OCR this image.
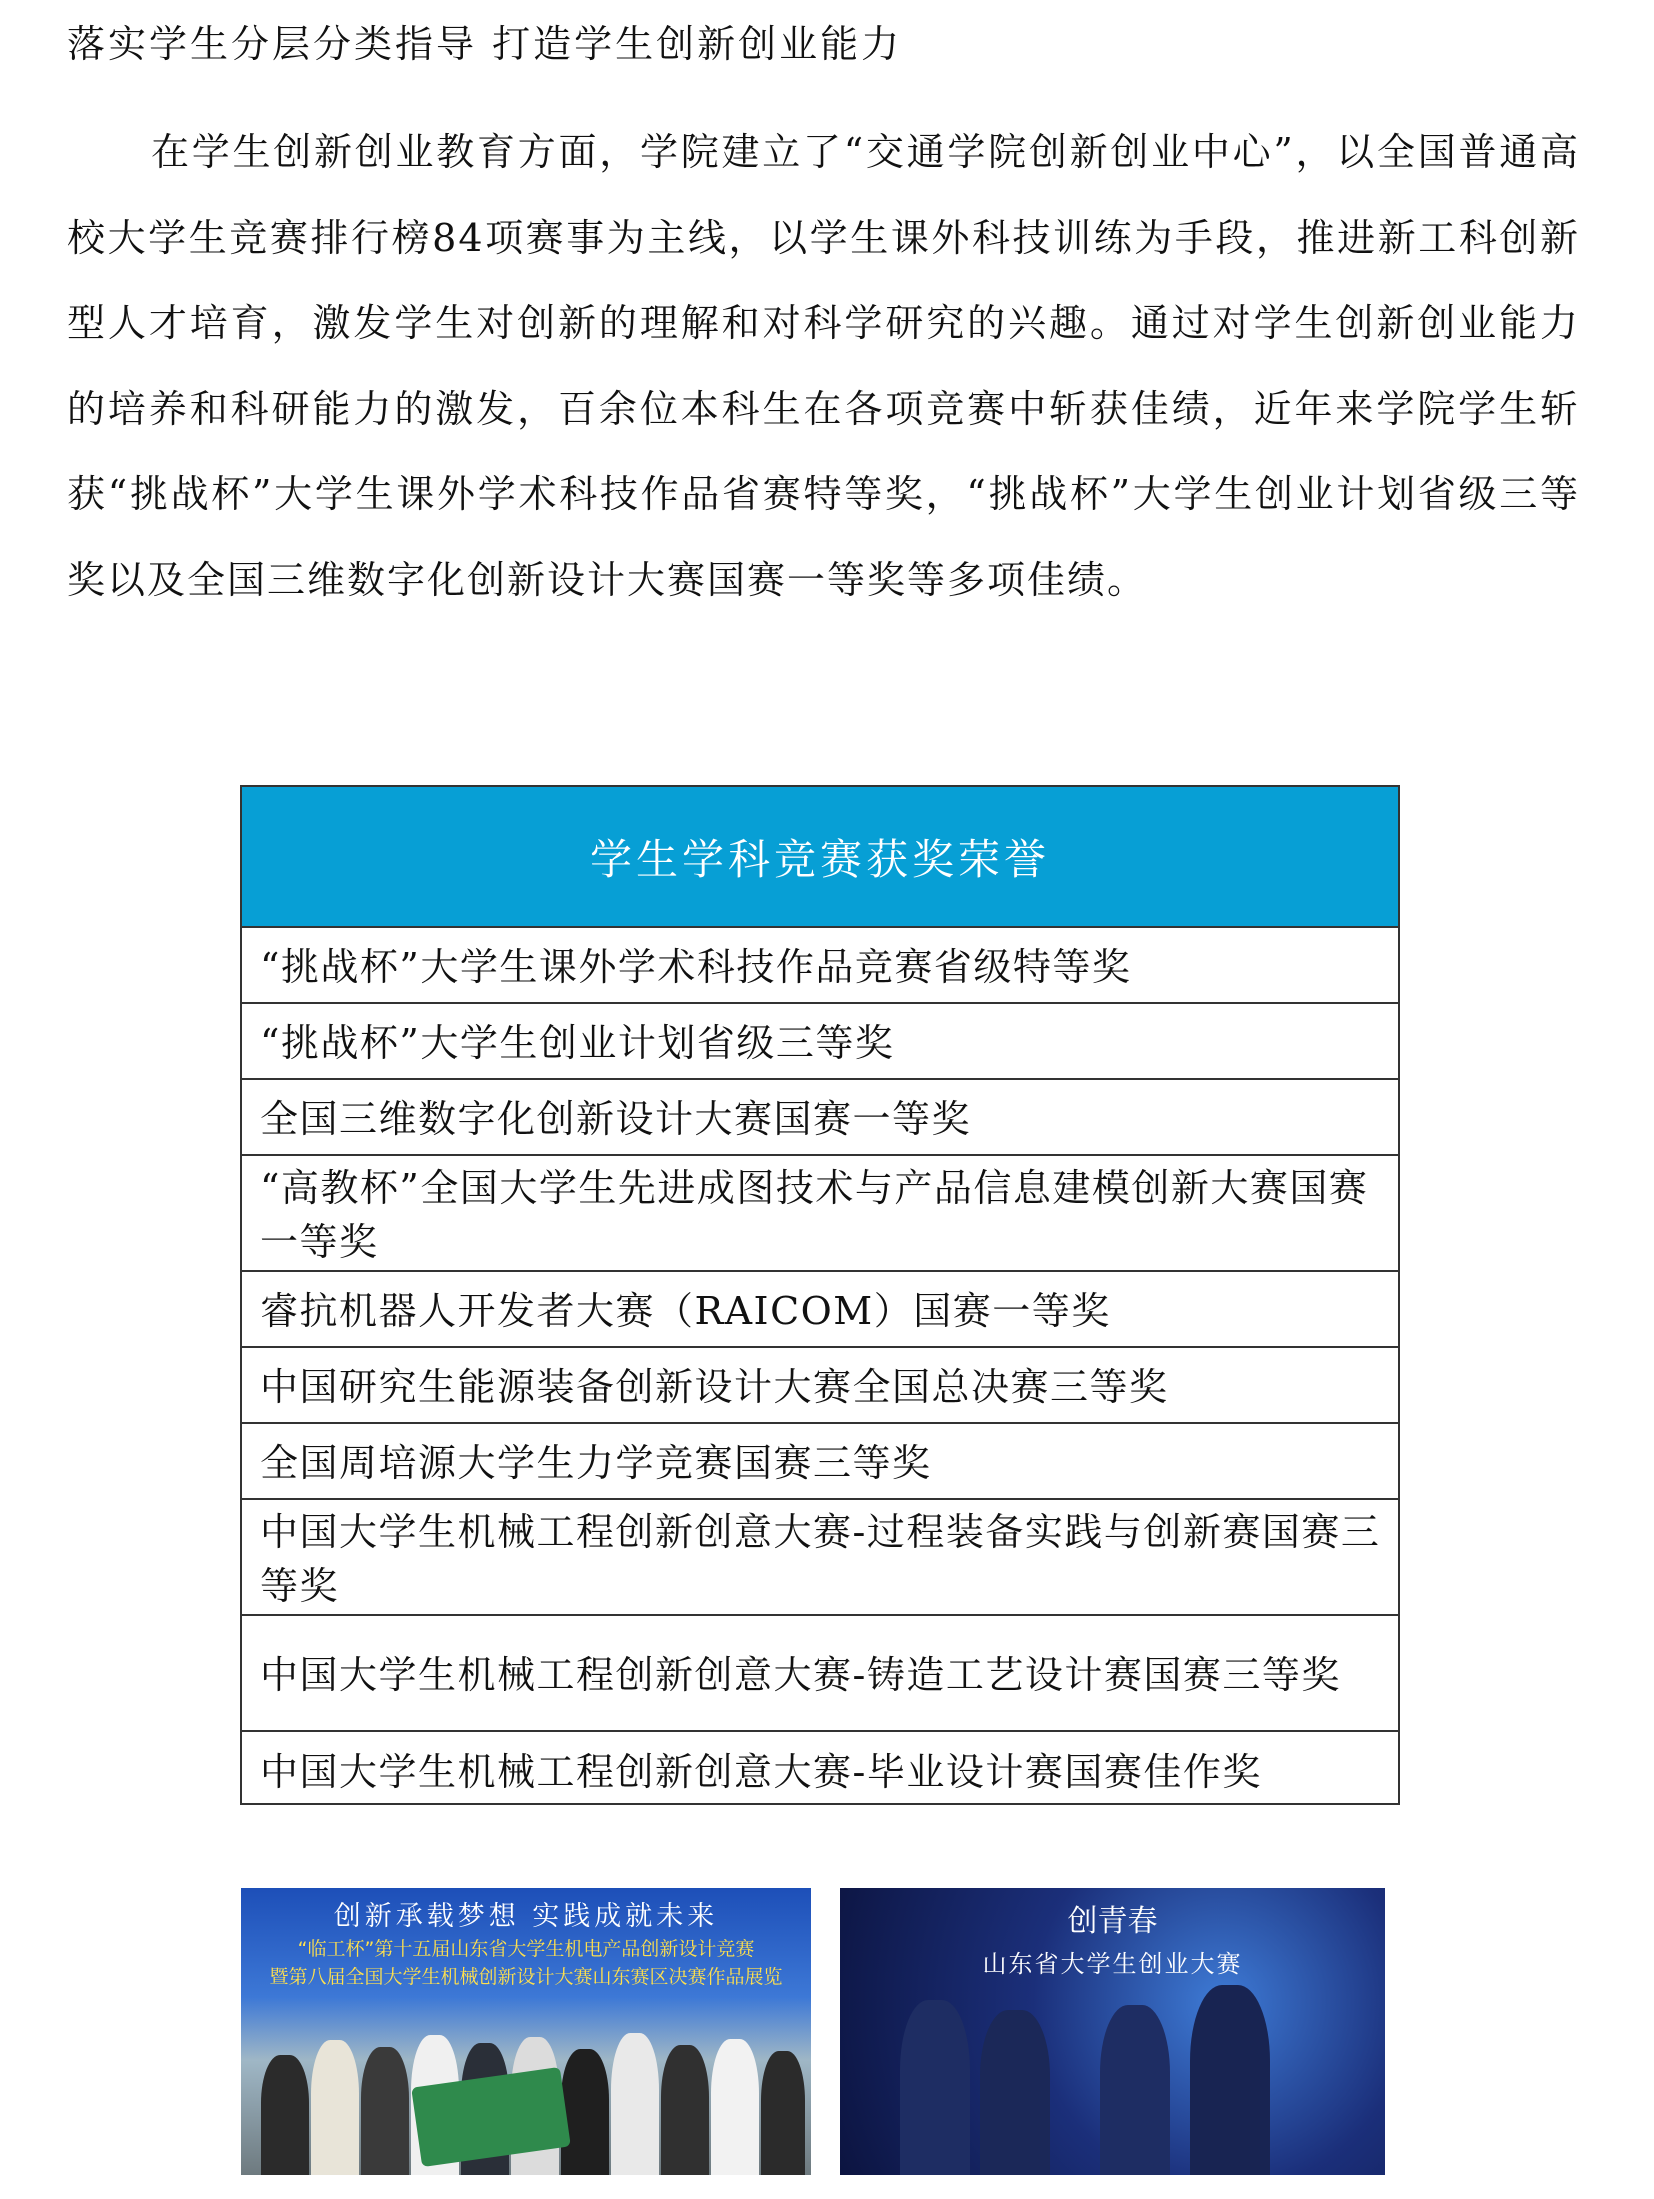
落实学生分层分类指导 打造学生创新创业能力

在学生创新创业教育方面，学院建立了“交通学院创新创业中心”，以全国普通高校大学生竞赛排行榜84项赛事为主线，以学生课外科技训练为手段，推进新工科创新型人才培育，激发学生对创新的理解和对科学研究的兴趣。通过对学生创新创业能力的培养和科研能力的激发，百余位本科生在各项竞赛中斩获佳绩，近年来学院学生斩获“挑战杯”大学生课外学术科技作品省赛特等奖，“挑战杯”大学生创业计划省级三等奖以及全国三维数字化创新设计大赛国赛一等奖等多项佳绩。

学生学科竞赛获奖荣誉
“挑战杯”大学生课外学术科技作品竞赛省级特等奖
“挑战杯”大学生创业计划省级三等奖
全国三维数字化创新设计大赛国赛一等奖
“高教杯”全国大学生先进成图技术与产品信息建模创新大赛国赛一等奖
睿抗机器人开发者大赛（RAICOM）国赛一等奖
中国研究生能源装备创新设计大赛全国总决赛三等奖
全国周培源大学生力学竞赛国赛三等奖
中国大学生机械工程创新创意大赛-过程装备实践与创新赛国赛三等奖
中国大学生机械工程创新创意大赛-铸造工艺设计赛国赛三等奖
中国大学生机械工程创新创意大赛-毕业设计赛国赛佳作奖
创新承载梦想 实践成就未来
“临工杯”第十五届山东省大学生机电产品创新设计竞赛
暨第八届全国大学生机械创新设计大赛山东赛区决赛作品展览
创青春
山东省大学生创业大赛
